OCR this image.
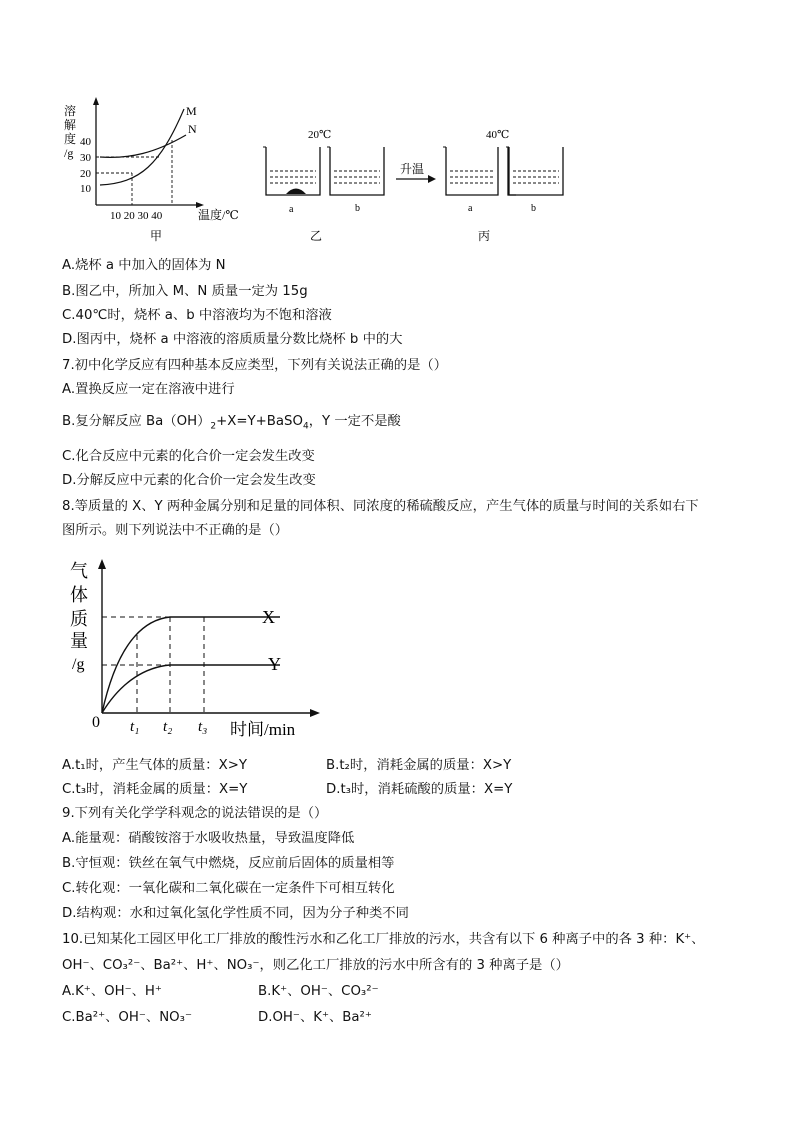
溶
解
度
/g
40
30
20
10
M
N
10 20 30 40	温度/℃
甲
20℃
a	b
乙
升温
40℃
a
丙
b
A.烧杯 a 中加入的固体为 N
B.图乙中，所加入 M、N 质量一定为 15g
C.40℃时，烧杯 a、b 中溶液均为不饱和溶液
D.图丙中，烧杯 a 中溶液的溶质质量分数比烧杯 b 中的大
7.初中化学反应有四种基本反应类型，下列有关说法正确的是（）
A.置换反应一定在溶液中进行
B.复分解反应 $Ba(OH)_2+X=Y+BaSO_4$，Y 一定不是酸
C.化合反应中元素的化合价一定会发生改变
D.分解反应中元素的化合价一定会发生改变
8.等质量的 X、Y 两种金属分别和足量的同体积、同浓度的稀硫酸反应，产生气体的质量与时间的关系如右下
图所示。则下列说法中不正确的是（）
气
体
质
量
/g
X
Y
0 t₁ t₂ t₃ 时间/min
A.t₁时，产生气体的质量：X>Y	B.t₂时，消耗金属的质量：X>Y
C.t₃时，消耗金属的质量：X=Y	D.t₃时，消耗硫酸的质量：X=Y
9.下列有关化学学科观念的说法错误的是（）
A.能量观：硝酸铵溶于水吸收热量，导致温度降低
B.守恒观：铁丝在氧气中燃烧，反应前后固体的质量相等
C.转化观：一氧化碳和二氧化碳在一定条件下可相互转化
D.结构观：水和过氧化氢化学性质不同，因为分子种类不同
10.已知某化工园区甲化工厂排放的酸性污水和乙化工厂排放的污水，共含有以下 6 种离子中的各 3 种：K⁺、
OH⁻、CO₃²⁻、Ba²⁺、H⁺、NO₃⁻，则乙化工厂排放的污水中所含有的 3 种离子是（）
A.K⁺、OH⁻、H⁺	B.K⁺、OH⁻、CO₃²⁻
C.Ba²⁺、OH⁻、NO₃⁻	D.OH⁻、K⁺、Ba²⁺
